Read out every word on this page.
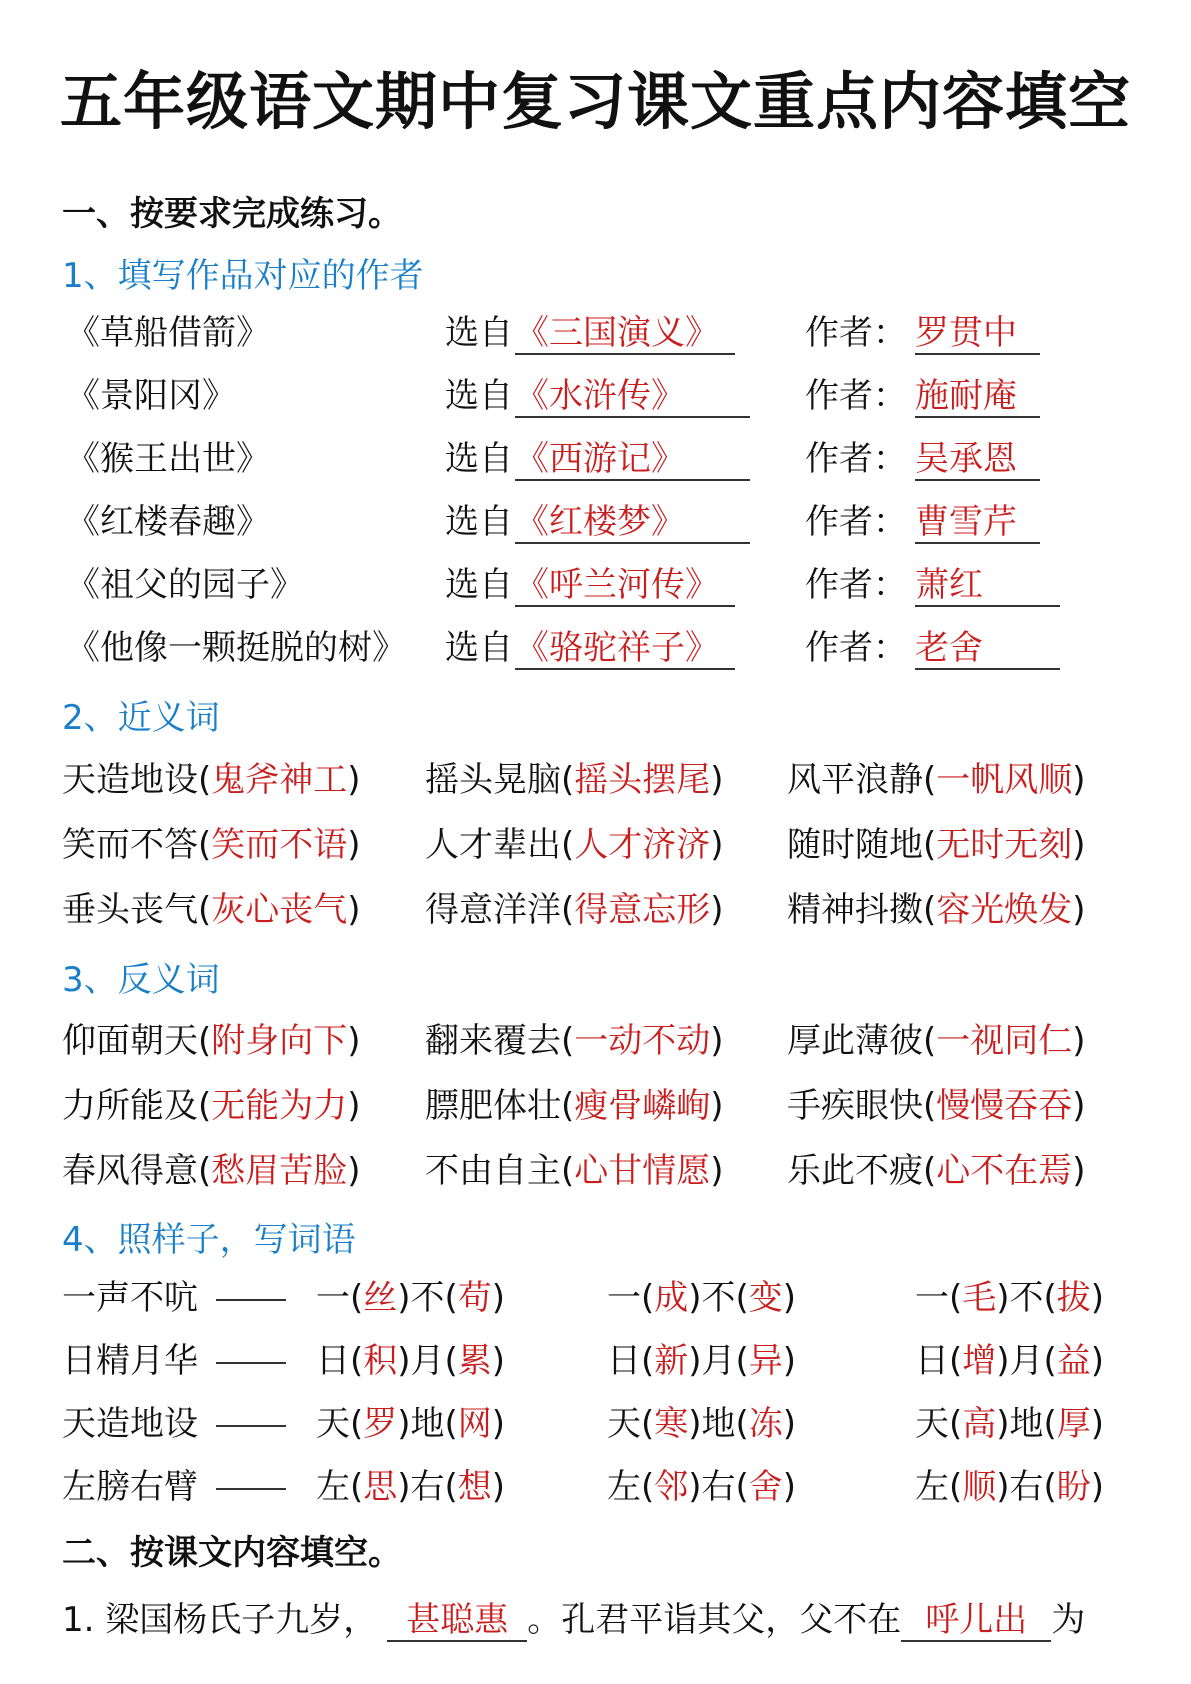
五年级语文期中复习课文重点内容填空
一、按要求完成练习。
1、填写作品对应的作者
《草船借箭》	选自 《三国演义》	作者： 罗贯中
《景阳冈》	选自 《水浒传》	作者： 施耐庵
《猴王出世》	选自 《西游记》	作者： 吴承恩
《红楼春趣》	选自 《红楼梦》	作者： 曹雪芹
《祖父的园子》	选自 《呼兰河传》	作者： 萧红
《他像一颗挺脱的树》 选自 《骆驼祥子》	作者： 老舍
2、近义词
天造地设(鬼斧神工) 摇头晃脑(摇头摆尾) 风平浪静(一帆风顺)
笑而不答(笑而不语) 人才辈出(人才济济) 随时随地(无时无刻)
垂头丧气(灰心丧气) 得意洋洋(得意忘形) 精神抖擞(容光焕发)
3、反义词
仰面朝天(附身向下) 翻来覆去(一动不动) 厚此薄彼(一视同仁)
力所能及(无能为力) 膘肥体壮(瘦骨嶙峋) 手疾眼快(慢慢吞吞)
春风得意(愁眉苦脸) 不由自主(心甘情愿) 乐此不疲(心不在焉)
4、照样子，写词语
一声不吭	一(丝)不(苟)	一(成)不(变)	一(毛)不(拔)
日精月华	日(积)月(累)	日(新)月(异)	日(增)月(益)
天造地设	天(罗)地(网)	天(寒)地(冻)	天(高)地(厚)
左膀右臂	左(思)右(想)	左(邻)右(舍)	左(顺)右(盼)
二、按课文内容填空。
1. 梁国杨氏子九岁， 甚聪惠 。孔君平诣其父，父不在 呼儿出 为
